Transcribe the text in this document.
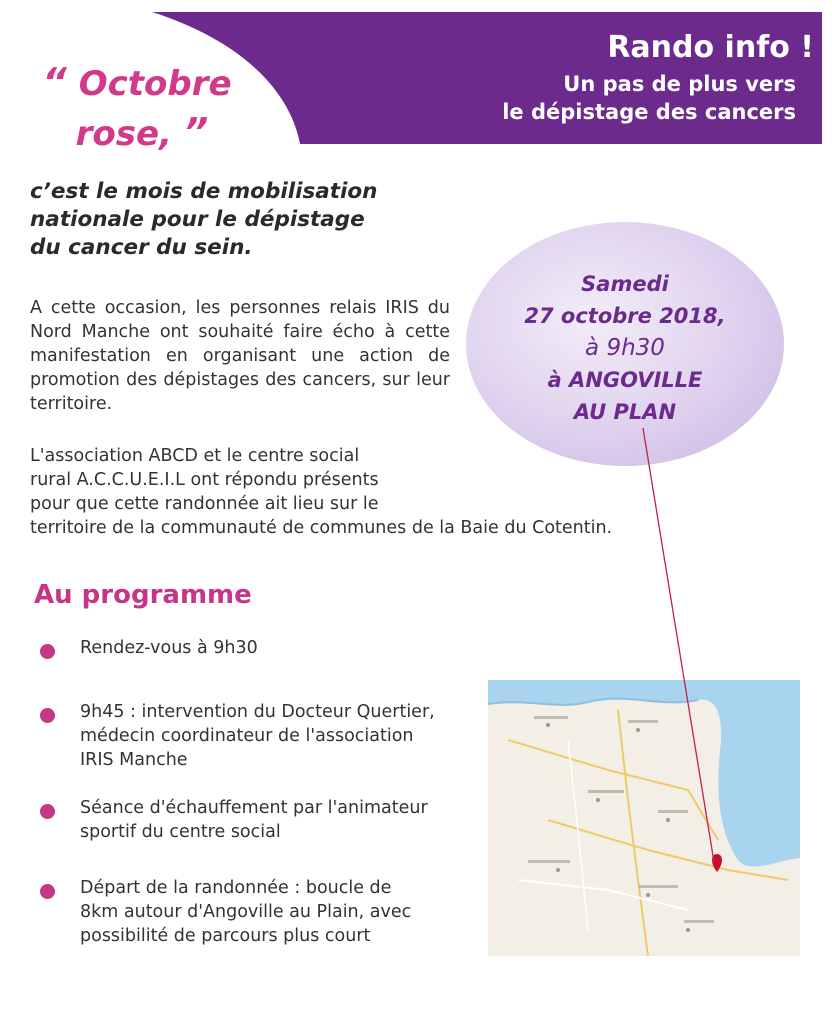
Rando info !
Un pas de plus vers
le dépistage des cancers
“ Octobre
rose, ”
c’est le mois de mobilisation
nationale pour le dépistage
du cancer du sein.
Samedi
27 octobre 2018,
à 9h30
à ANGOVILLE
AU PLAN
A cette occasion, les personnes relais IRIS du Nord Manche ont souhaité faire écho à cette manifestation en organisant une action de promotion des dépistages des cancers, sur leur territoire.
L'association ABCD et le centre social
rural A.C.C.U.E.I.L ont répondu présents
pour que cette randonnée ait lieu sur le
territoire de la communauté de communes de la Baie du Cotentin.
Au programme
Rendez-vous à 9h30
9h45 : intervention du Docteur Quertier,
médecin coordinateur de l'association
IRIS Manche
Séance d'échauffement par l'animateur
sportif du centre social
Départ de la randonnée : boucle de
8km autour d'Angoville au Plain, avec
possibilité de parcours plus court
